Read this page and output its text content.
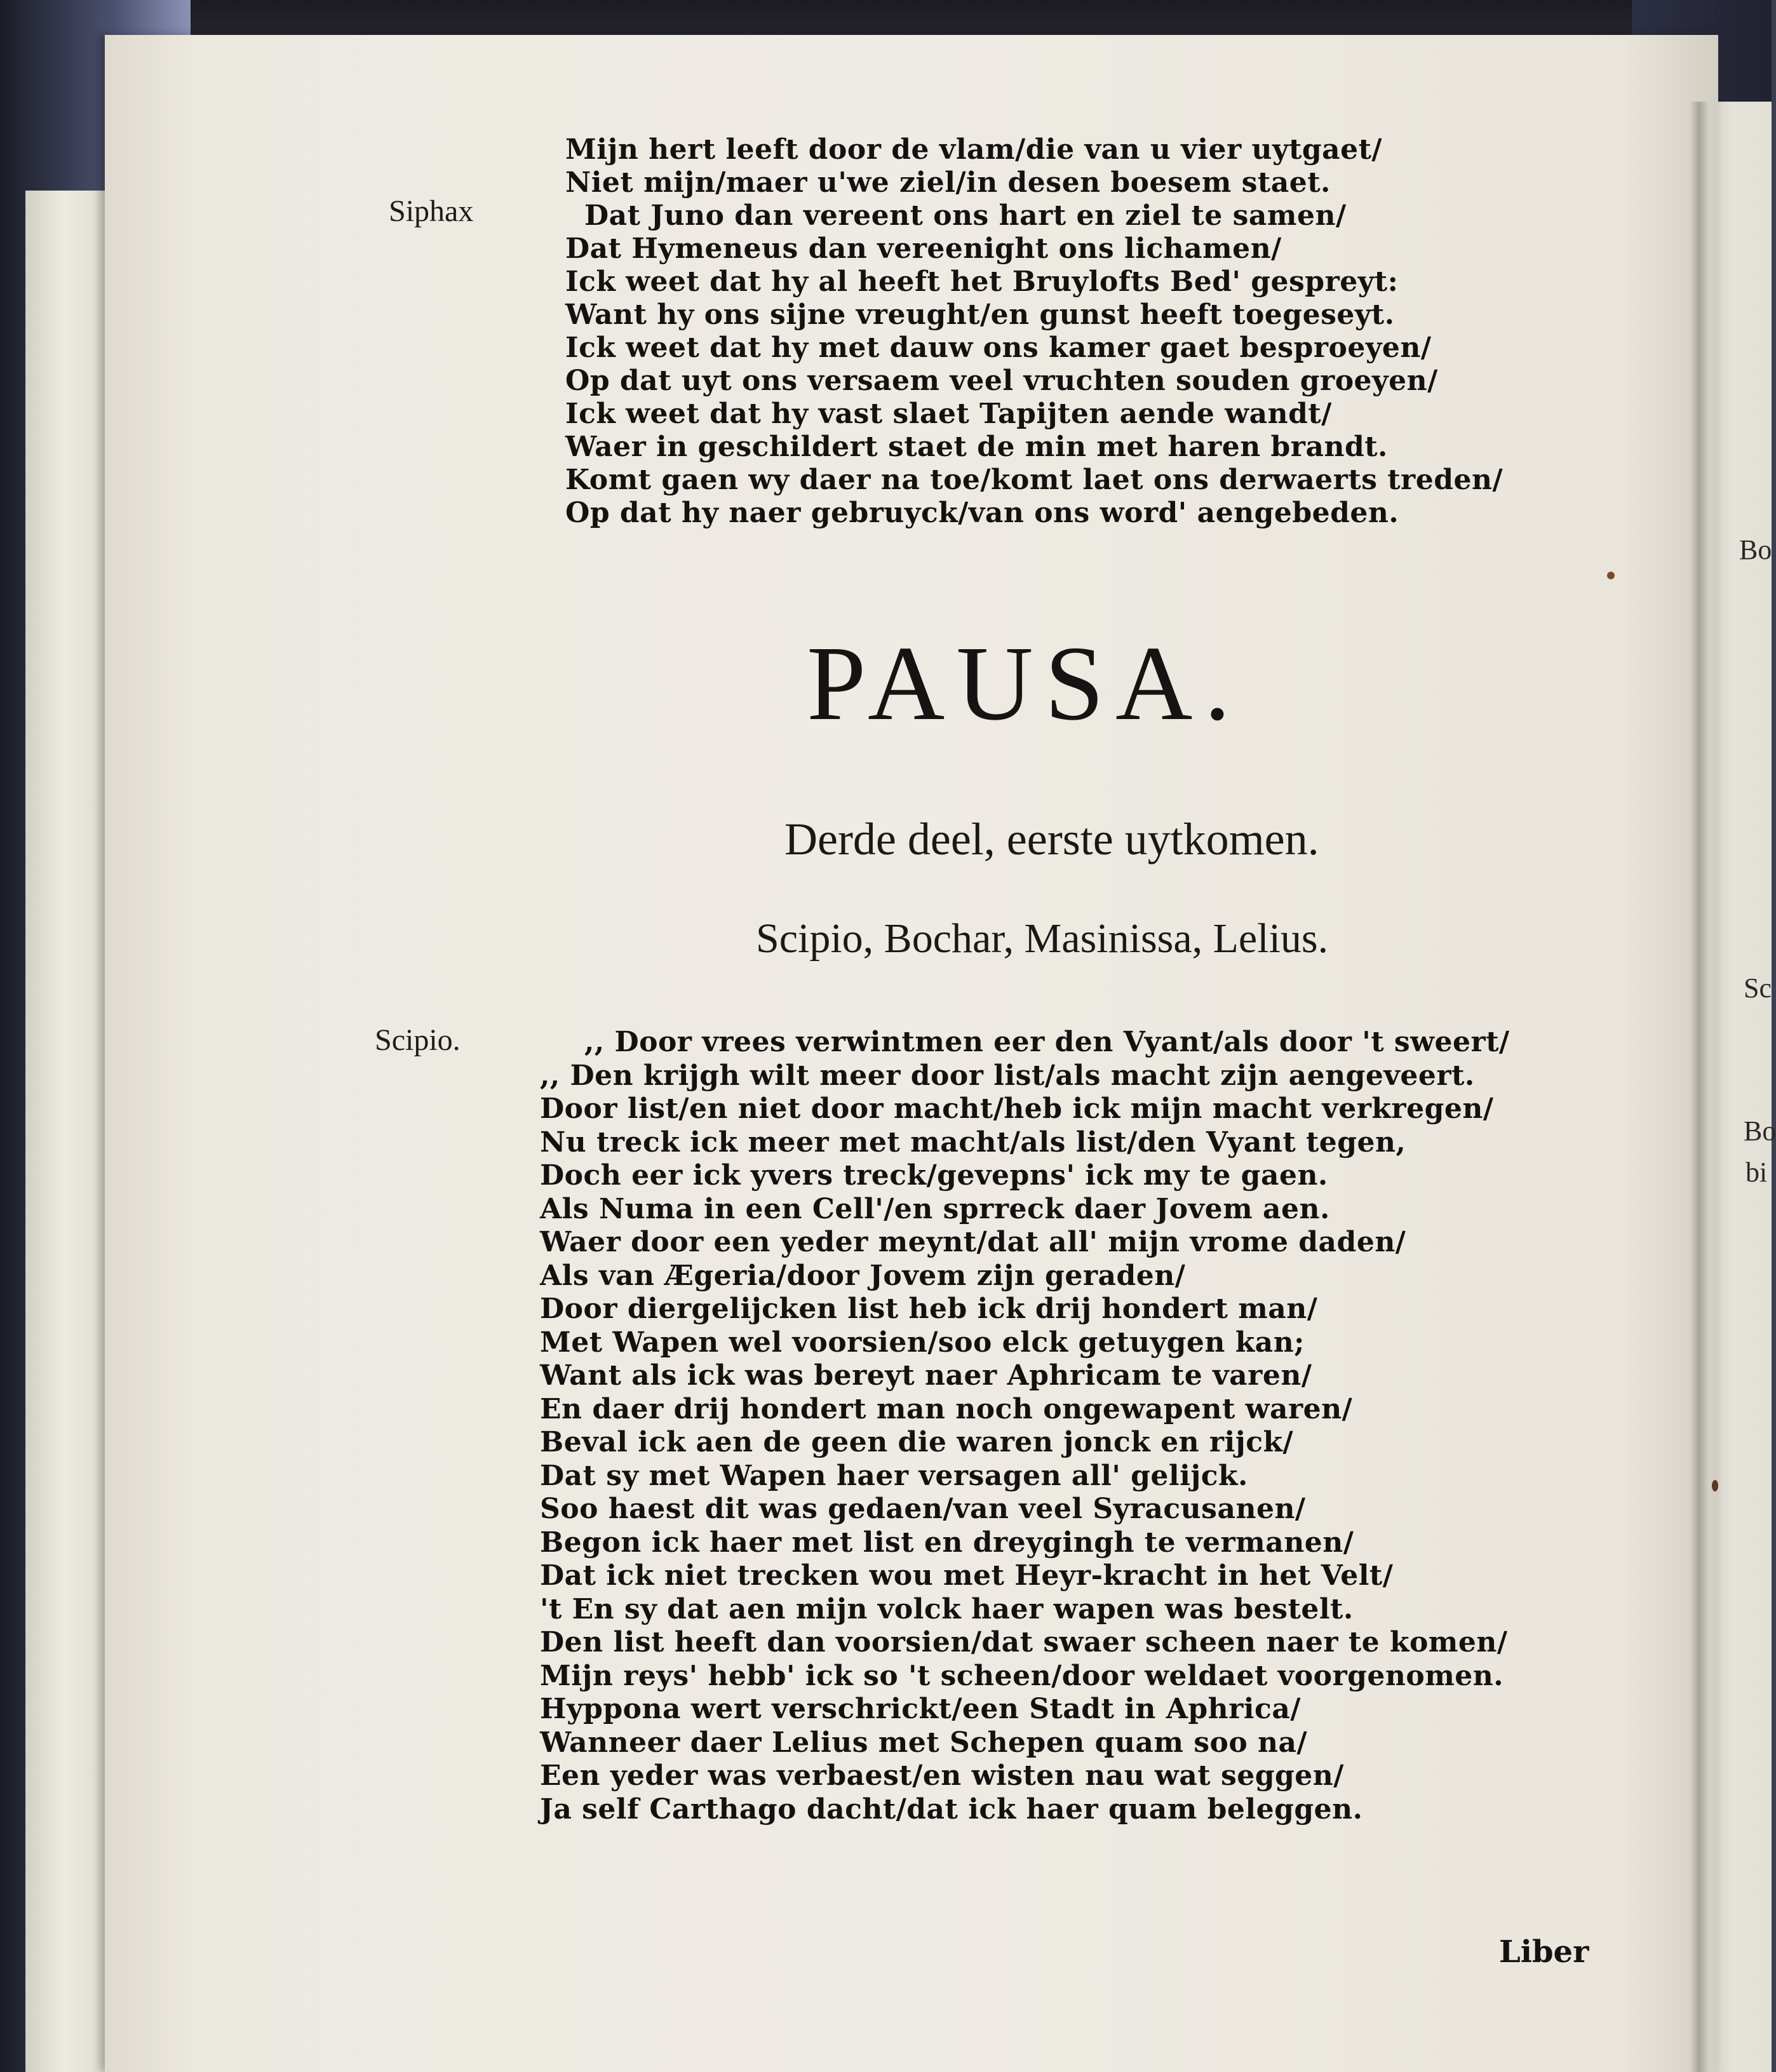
Siphax
Mijn hert leeft door de vlam/die van u vier uytgaet/
Niet mijn/maer u'we ziel/in desen boesem staet.
Dat Juno dan vereent ons hart en ziel te samen/
Dat Hymeneus dan vereenight ons lichamen/
Ick weet dat hy al heeft het Bruylofts Bed' gespreyt:
Want hy ons sijne vreught/en gunst heeft toegeseyt.
Ick weet dat hy met dauw ons kamer gaet besproeyen/
Op dat uyt ons versaem veel vruchten souden groeyen/
Ick weet dat hy vast slaet Tapijten aende wandt/
Waer in geschildert staet de min met haren brandt.
Komt gaen wy daer na toe/komt laet ons derwaerts treden/
Op dat hy naer gebruyck/van ons word' aengebeden.
PAUSA.
Derde deel, eerste uytkomen.
Scipio, Bochar, Masinissa, Lelius.
Scipio.	,, Door vrees verwintmen eer den Vyant/als door 't sweert/
,, Den krijgh wilt meer door list/als macht zijn aengeveert.
Door list/en niet door macht/heb ick mijn macht verkregen/
Nu treck ick meer met macht/als list/den Vyant tegen,
Doch eer ick yvers treck/gevepns' ick my te gaen.
Als Numa in een Cell'/en sprreck daer Jovem aen.
Waer door een yeder meynt/dat all' mijn vrome daden/
Als van Ægeria/door Jovem zijn geraden/
Door diergelijcken list heb ick drij hondert man/
Met Wapen wel voorsien/soo elck getuygen kan;
Want als ick was bereyt naer Aphricam te varen/
En daer drij hondert man noch ongewapent waren/
Beval ick aen de geen die waren jonck en rijck/
Dat sy met Wapen haer versagen all' gelijck.
Soo haest dit was gedaen/van veel Syracusanen/
Begon ick haer met list en dreygingh te vermanen/
Dat ick niet trecken wou met Heyr-kracht in het Velt/
't En sy dat aen mijn volck haer wapen was bestelt.
Den list heeft dan voorsien/dat swaer scheen naer te komen/
Mijn reys' hebb' ick so 't scheen/door weldaet voorgenomen.
Hyppona wert verschrickt/een Stadt in Aphrica/
Wanneer daer Lelius met Schepen quam soo na/
Een yeder was verbaest/en wisten nau wat seggen/
Ja self Carthago dacht/dat ick haer quam beleggen.
Liber
Bo
Sc
Bo
bi
